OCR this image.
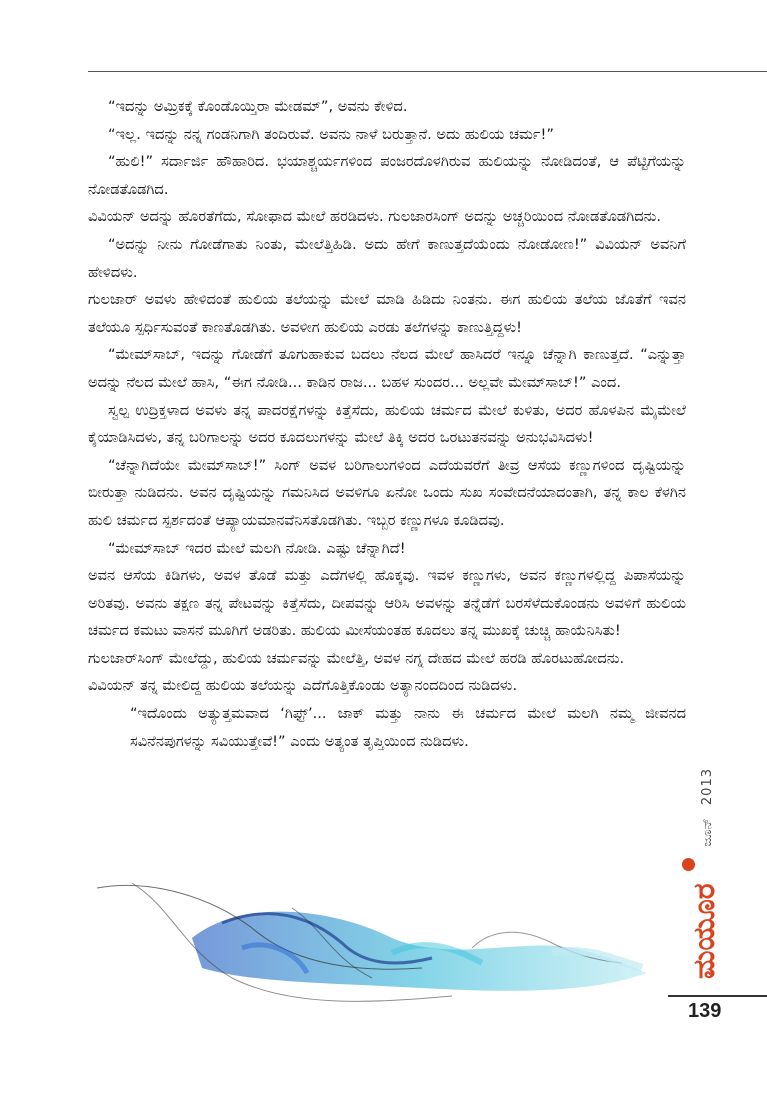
“ಇದನ್ನು ಅಮ್ರಿಕಕ್ಕೆ ಕೊಂಡೊಯ್ತಿರಾ ಮೇಡಮ್”, ಅವನು ಕೇಳಿದ.

“ಇಲ್ಲ. ಇದನ್ನು ನನ್ನ ಗಂಡನಿಗಾಗಿ ತಂದಿರುವೆ. ಅವನು ನಾಳೆ ಬರುತ್ತಾನೆ. ಅದು ಹುಲಿಯ ಚರ್ಮ!”

“ಹುಲಿ!” ಸರ್ದಾರ್ಜಿ ಹೌಹಾರಿದ. ಭಯಾಶ್ಚರ್ಯಗಳಿಂದ ಪಂಜರದೊಳಗಿರುವ ಹುಲಿಯನ್ನು ನೋಡಿದಂತೆ, ಆ ಪೆಟ್ಟಿಗೆಯನ್ನು ನೋಡತೊಡಗಿದ.

ವಿವಿಯನ್ ಅದನ್ನು ಹೊರತೆಗೆದು, ಸೋಫಾದ ಮೇಲೆ ಹರಡಿದಳು. ಗುಲಜಾರಸಿಂಗ್ ಅದನ್ನು ಅಚ್ಚರಿಯಿಂದ ನೋಡತೊಡಗಿದನು.

“ಅದನ್ನು ನೀನು ಗೋಡೆಗಾತು ನಿಂತು, ಮೇಲೆತ್ತಿಹಿಡಿ. ಅದು ಹೇಗೆ ಕಾಣುತ್ತದೆಯೆಂದು ನೋಡೋಣ!” ವಿವಿಯನ್ ಅವನಿಗೆ ಹೇಳಿದಳು.

ಗುಲಜಾರ್ ಅವಳು ಹೇಳಿದಂತೆ ಹುಲಿಯ ತಲೆಯನ್ನು ಮೇಲೆ ಮಾಡಿ ಹಿಡಿದು ನಿಂತನು. ಈಗ ಹುಲಿಯ ತಲೆಯ ಜೊತೆಗೆ ಇವನ ತಲೆಯೂ ಸ್ಪರ್ಧಿಸುವಂತೆ ಕಾಣತೊಡಗಿತು. ಅವಳೀಗ ಹುಲಿಯ ಎರಡು ತಲೆಗಳನ್ನು ಕಾಣುತ್ತಿದ್ದಳು!

“ಮೇಮ್‌ಸಾಬ್, ಇದನ್ನು ಗೋಡೆಗೆ ತೂಗುಹಾಕುವ ಬದಲು ನೆಲದ ಮೇಲೆ ಹಾಸಿದರೆ ಇನ್ನೂ ಚೆನ್ನಾಗಿ ಕಾಣುತ್ತದೆ. “ಎನ್ನುತ್ತಾ ಅದನ್ನು ನೆಲದ ಮೇಲೆ ಹಾಸಿ, “ಈಗ ನೋಡಿ... ಕಾಡಿನ ರಾಜ... ಬಹಳ ಸುಂದರ... ಅಲ್ಲವೇ ಮೇಮ್‌ಸಾಬ್!” ಎಂದ.

ಸ್ವಲ್ಪ ಉದ್ರಿಕ್ತಳಾದ ಅವಳು ತನ್ನ ಪಾದರಕ್ಷೆಗಳನ್ನು ಕಿತ್ತೆಸೆದು, ಹುಲಿಯ ಚರ್ಮದ ಮೇಲೆ ಕುಳಿತು, ಅದರ ಹೊಳಪಿನ ಮೈಮೇಲೆ ಕೈಯಾಡಿಸಿದಳು, ತನ್ನ ಬರಿಗಾಲನ್ನು ಅದರ ಕೂದಲುಗಳನ್ನು ಮೇಲೆ ತಿಕ್ಕಿ ಅದರ ಒರಟುತನವನ್ನು ಅನುಭವಿಸಿದಳು!

“ಚೆನ್ನಾಗಿದೆಯೇ ಮೇಮ್‌ಸಾಬ್!” ಸಿಂಗ್ ಅವಳ ಬರಿಗಾಲುಗಳಿಂದ ಎದೆಯವರೆಗೆ ತೀವ್ರ ಆಸೆಯ ಕಣ್ಣುಗಳಿಂದ ದೃಷ್ಟಿಯನ್ನು ಬೀರುತ್ತಾ ನುಡಿದನು. ಅವನ ದೃಷ್ಟಿಯನ್ನು ಗಮನಿಸಿದ ಅವಳಿಗೂ ಏನೋ ಒಂದು ಸುಖ ಸಂವೇದನೆಯಾದಂತಾಗಿ, ತನ್ನ ಕಾಲ ಕೆಳಗಿನ ಹುಲಿ ಚರ್ಮದ ಸ್ಪರ್ಶದಂತೆ ಆಪ್ಯಾಯಮಾನವೆನಿಸತೊಡಗಿತು. ಇಬ್ಬರ ಕಣ್ಣುಗಳೂ ಕೂಡಿದವು.

“ಮೇಮ್‌ಸಾಬ್ ಇದರ ಮೇಲೆ ಮಲಗಿ ನೋಡಿ. ಎಷ್ಟು ಚೆನ್ನಾಗಿದೆ!

ಅವನ ಆಸೆಯ ಕಿಡಿಗಳು, ಅವಳ ತೊಡೆ ಮತ್ತು ಎದೆಗಳಲ್ಲಿ ಹೊಕ್ಕವು. ಇವಳ ಕಣ್ಣುಗಳು, ಅವನ ಕಣ್ಣುಗಳಲ್ಲಿದ್ದ ಪಿಪಾಸೆಯನ್ನು ಅರಿತವು. ಅವನು ತಕ್ಷಣ ತನ್ನ ಪೇಟವನ್ನು ಕಿತ್ತೆಸೆದು, ದೀಪವನ್ನು ಆರಿಸಿ ಅವಳನ್ನು ತನ್ನೆಡೆಗೆ ಬರಸೆಳೆದುಕೊಂಡನು ಅವಳಿಗೆ ಹುಲಿಯ ಚರ್ಮದ ಕಮಟು ವಾಸನೆ ಮೂಗಿಗೆ ಅಡರಿತು. ಹುಲಿಯ ಮೀಸೆಯಂತಹ ಕೂದಲು ತನ್ನ ಮುಖಕ್ಕೆ ಚುಚ್ಚಿ ಹಾಯೆನಿಸಿತು!

ಗುಲಜಾರ್‌ಸಿಂಗ್ ಮೇಲೆದ್ದು, ಹುಲಿಯ ಚರ್ಮವನ್ನು ಮೇಲೆತ್ತಿ, ಅವಳ ನಗ್ನ ದೇಹದ ಮೇಲೆ ಹರಡಿ ಹೊರಟುಹೋದನು.

ವಿವಿಯನ್ ತನ್ನ ಮೇಲಿದ್ದ ಹುಲಿಯ ತಲೆಯನ್ನು ಎದೆಗೊತ್ತಿಕೊಂಡು ಅತ್ಯಾನಂದದಿಂದ ನುಡಿದಳು.

“ಇದೊಂದು ಅತ್ಯುತ್ತಮವಾದ ‘ಗಿಫ್ಟ್’... ಜಾಕ್ ಮತ್ತು ನಾನು ಈ ಚರ್ಮದ ಮೇಲೆ ಮಲಗಿ ನಮ್ಮ ಜೀವನದ ಸವಿನೆನಪುಗಳನ್ನು ಸವಿಯುತ್ತೇವೆ!” ಎಂದು ಅತ್ಯಂತ ತೃಪ್ತಿಯಿಂದ ನುಡಿದಳು.

2013
ಜೂನ್
ಮಯೂರ
139
